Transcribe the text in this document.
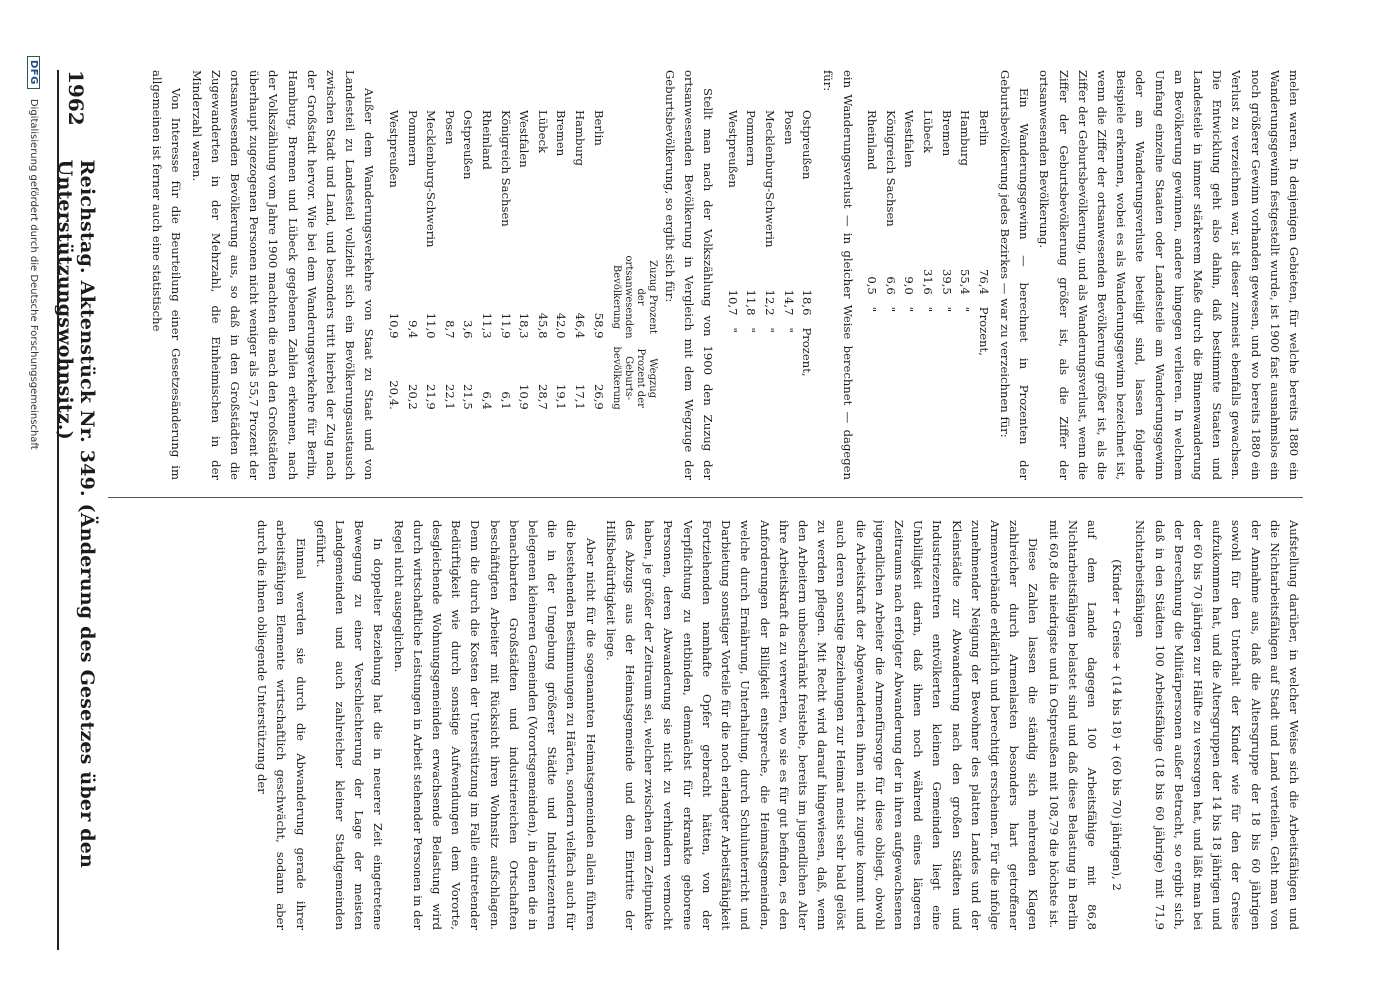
1962
Reichstag. Aktenstück Nr. 349. (Änderung des Gesetzes über den Unterstützungswohnsitz.)	melen waren. In denjenigen Gebieten, für welche bereits 1880 ein Wanderungsgewinn festgestellt wurde, ist 1900 fast ausnahmslos ein noch größerer Gewinn vorhanden gewesen, und wo bereits 1880 ein Verlust zu verzeichnen war, ist dieser zumeist ebenfalls gewachsen. Die Entwicklung geht also dahin, daß bestimmte Staaten und Landesteile in immer stärkerem Maße durch die Binnenwanderung an Bevölkerung gewinnen, andere hingegen verlieren. In welchem Umfang einzelne Staaten oder Landesteile am Wanderungsgewinn oder am Wanderungsverluste beteiligt sind, lassen folgende Beispiele erkennen, wobei es als Wanderungsgewinn bezeichnet ist, wenn die Ziffer der ortsanwesenden Bevölkerung größer ist, als die Ziffer der Geburtsbevölkerung, und als Wanderungsverlust, wenn die Ziffer der Geburtsbevölkerung größer ist, als die Ziffer der ortsanwesenden Bevölkerung.

Ein Wanderungsgewinn — berechnet in Prozenten der Geburtsbevölkerung jedes Bezirkes — war zu verzeichnen für:

Berlin	76,4	Prozent,
Hamburg	55,4	"
Bremen	39,5	"
Lübeck	31,6	"
Westfalen	9,0	"
Königreich Sachsen	6,6	"
Rheinland	0,5	"

ein Wanderungsverlust — in gleicher Weise berechnet — dagegen für:

Ostpreußen	18,6	Prozent,
Posen	14,7	"
Mecklenburg-Schwerin	12,2	"
Pommern	11,8	"
Westpreußen	10,7	"

Stellt man nach der Volkszählung von 1900 den Zuzug der ortsanwesenden Bevölkerung in Vergleich mit dem Wegzuge der Geburtsbevölkerung, so ergibt sich für:

	Zuzug Prozent der ortsanwesenden Bevölkerung	Wegzug Prozent der Geburts-bevölkerung
Berlin	58,9	26,9
Hamburg	46,4	17,1
Bremen	42,0	19,1
Lübeck	45,8	28,7
Westfalen	18,3	10,9
Königreich Sachsen	11,9	6,1
Rheinland	11,3	6,4
Ostpreußen	3,6	21,5
Posen	8,7	22,1
Mecklenburg-Schwerin	11,0	21,9
Pommern	9,4	20,2
Westpreußen	10,9	20,4.

Außer dem Wanderungsverkehre von Staat zu Staat und von Landesteil zu Landesteil vollzieht sich ein Bevölkerungsaustausch zwischen Stadt und Land, und besonders tritt hierbei der Zug nach der Großstadt hervor. Wie bei dem Wanderungsverkehre für Berlin, Hamburg, Bremen und Lübeck gegebenen Zahlen erkennen, nach der Volkszählung vom Jahre 1900 machten die nach den Großstädten überhaupt zugezogenen Personen nicht weniger als 55,7 Prozent der ortsanwesenden Bevölkerung aus, so daß in den Großstädten die Zugewanderten in der Mehrzahl, die Einheimischen in der Minderzahl waren.

Von Interesse für die Beurteilung einer Gesetzesänderung im allgemeinen ist ferner auch eine statistische

Aufstellung darüber, in welcher Weise sich die Arbeitsfähigen und die Nichtarbeitsfähigen auf Stadt und Land verteilen. Geht man von der Annahme aus, daß die Altersgruppe der 18 bis 60 jährigen sowohl für den Unterhalt der Kinder wie für den der Greise aufzukommen hat, und die Altersgruppen der 14 bis 18 jährigen und der 60 bis 70 jährigen zur Hälfte zu versorgen hat, und läßt man bei der Berechnung die Militärpersonen außer Betracht, so ergibt sich, daß in den Städten 100 Arbeitsfähige (18 bis 60 jährige) mit 71,9 Nichtarbeitsfähigen

(Kinder + Greise + (14 bis 18) + (60 bis 70) jährigen), 2

auf dem Lande dagegen 100 Arbeitsfähige mit 86,8 Nichtarbeitsfähigen belastet sind und daß diese Belastung in Berlin mit 60,8 die niedrigste und in Ostpreußen mit 108,79 die höchste ist.

Diese Zahlen lassen die ständig sich mehrenden Klagen zahlreicher durch Armenlasten besonders hart getroffener Armenverbände erklärlich und berechtigt erscheinen. Für die infolge zunehmender Neigung der Bewohner des platten Landes und der Kleinstädte zur Abwanderung nach den großen Städten und Industriezentren entvölkerten kleinen Gemeinden liegt eine Unbilligkeit darin, daß ihnen noch während eines längeren Zeitraums nach erfolgter Abwanderung der in ihren aufgewachsenen jugendlichen Arbeiter die Armenfürsorge für diese obliegt, obwohl die Arbeitskraft der Abgewanderten ihnen nicht zugute kommt und auch deren sonstige Beziehungen zur Heimat meist sehr bald gelöst zu werden pflegen. Mit Recht wird darauf hingewiesen, daß, wenn den Arbeitern unbeschränkt freistehe, bereits im jugendlichen Alter ihre Arbeitskraft da zu verwerten, wo sie es für gut befinden, es den Anforderungen der Billigkeit entspreche, die Heimatsgemeinden, welche durch Ernährung, Unterhaltung, durch Schulunterricht und Darbietung sonstiger Vorteile für die noch erlangter Arbeitsfähigkeit Fortziehenden namhafte Opfer gebracht hätten, von der Verpflichtung zu entbinden, demnächst für erkrankte geborene Personen, deren Abwanderung sie nicht zu verhindern vermocht haben, je größer der Zeitraum sei, welcher zwischen dem Zeitpunkte des Abzugs aus der Heimatsgemeinde und dem Eintritte der Hilfsbedürftigkeit liege.

Aber nicht für die sogenannten Heimatsgemeinden allein führen die bestehenden Bestimmungen zu Härten, sondern vielfach auch für die in der Umgebung größerer Städte und Industriezentren belegenen kleineren Gemeinden (Vorortsgemeinden), in denen die in benachbarten Großstädten und industriereichen Ortschaften beschäftigten Arbeiter mit Rücksicht ihren Wohnsitz aufschlagen. Denn die durch die Kosten der Unterstützung im Falle eintretender Bedürftigkeit wie durch sonstige Aufwendungen dem Vororte, desgleichende Wohnungsgemeinden erwachsende Belastung wird durch wirtschaftliche Leistungen in Arbeit stehender Personen in der Regel nicht ausgeglichen.

In doppelter Beziehung hat die in neuerer Zeit eingetretene Bewegung zu einer Verschlechterung der Lage der meisten Landgemeinden und auch zahlreicher kleiner Stadtgemeinden geführt.

Einmal werden sie durch die Abwanderung gerade ihrer arbeitsfähigen Elemente wirtschaftlich geschwächt, sodann aber durch die ihnen obliegende Unterstützung der

DFG
Digitalisierung gefördert durch die Deutsche Forschungsgemeinschaft
